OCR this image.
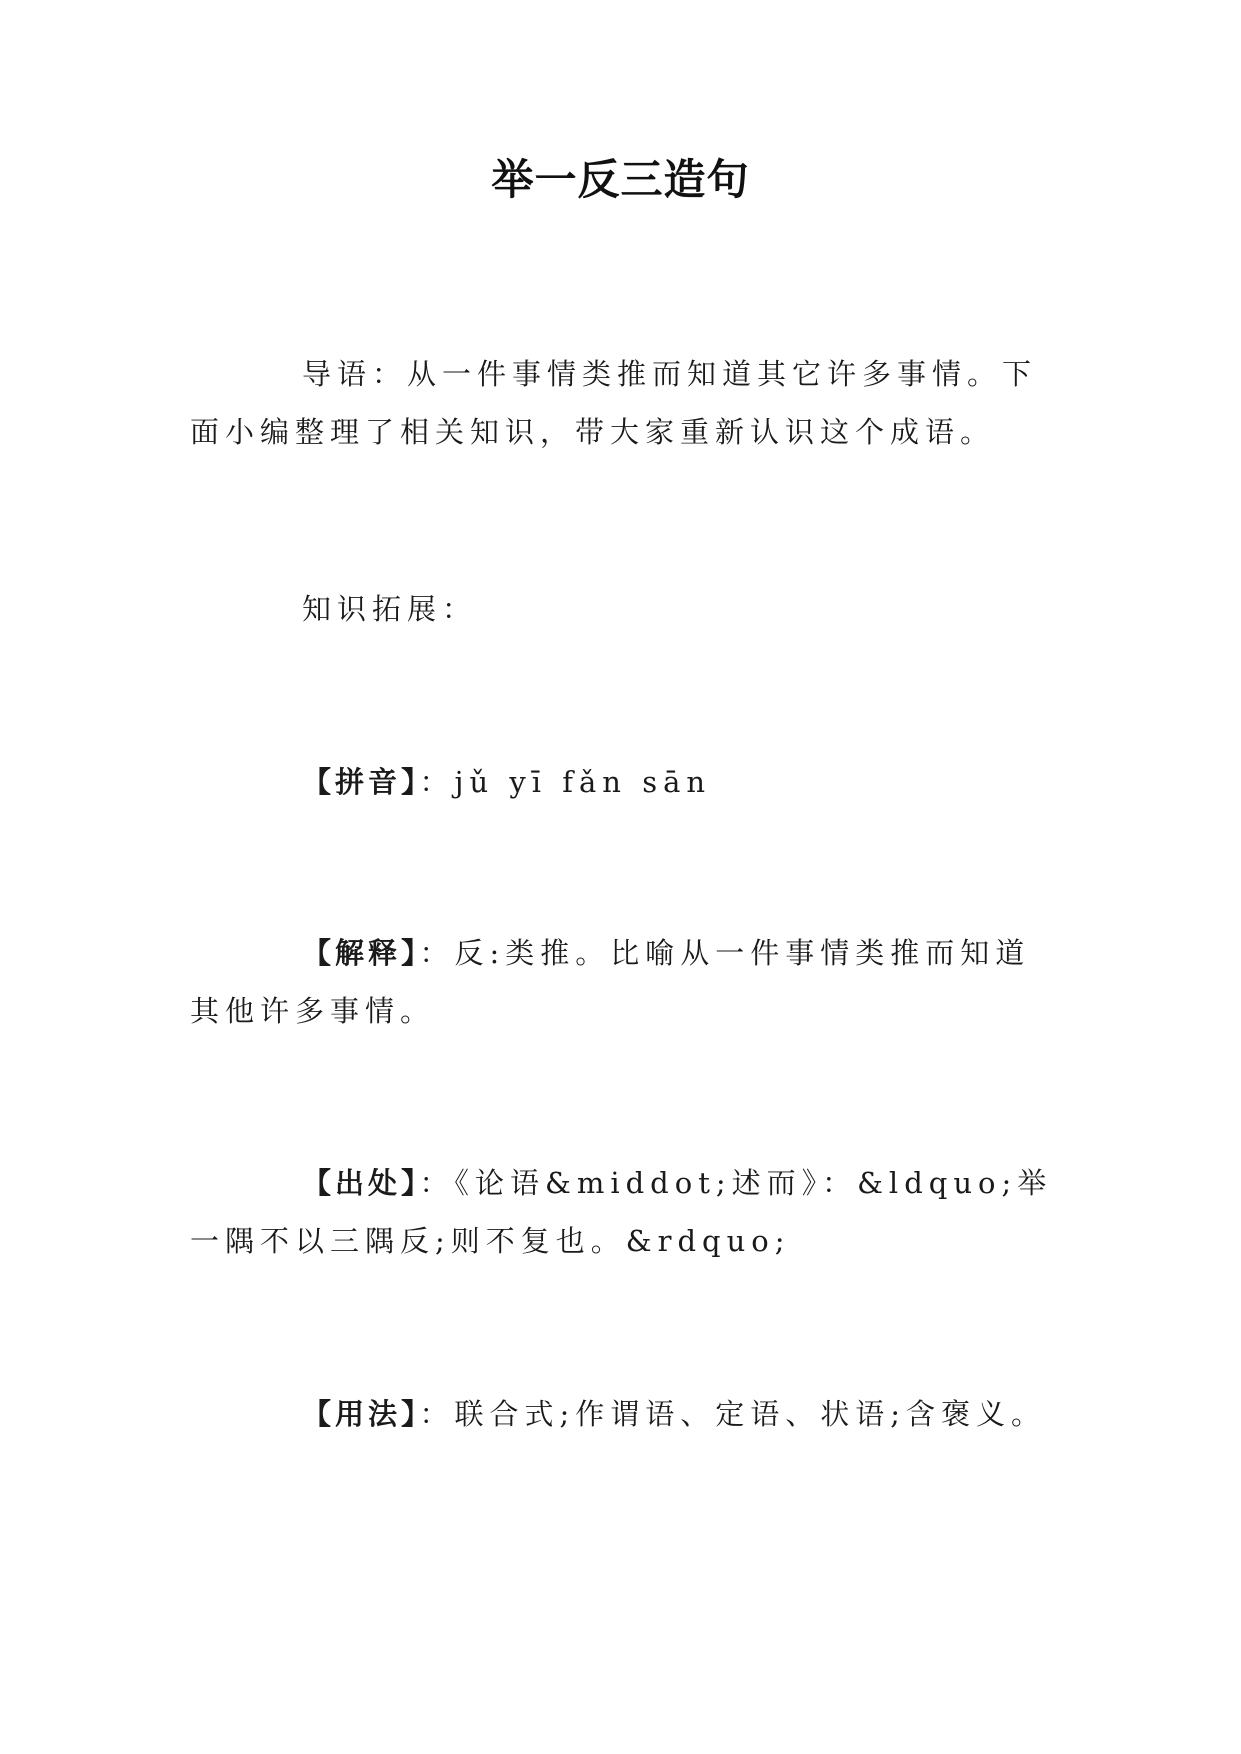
举一反三造句

导语：从一件事情类推而知道其它许多事情。下面小编整理了相关知识，带大家重新认识这个成语。

知识拓展：

【拼音】：jǔ yī fǎn sān

【解释】：反:类推。比喻从一件事情类推而知道其他许多事情。

【出处】：《论语&middot;述而》：&ldquo;举一隅不以三隅反;则不复也。&rdquo;

【用法】：联合式;作谓语、定语、状语;含褒义。
